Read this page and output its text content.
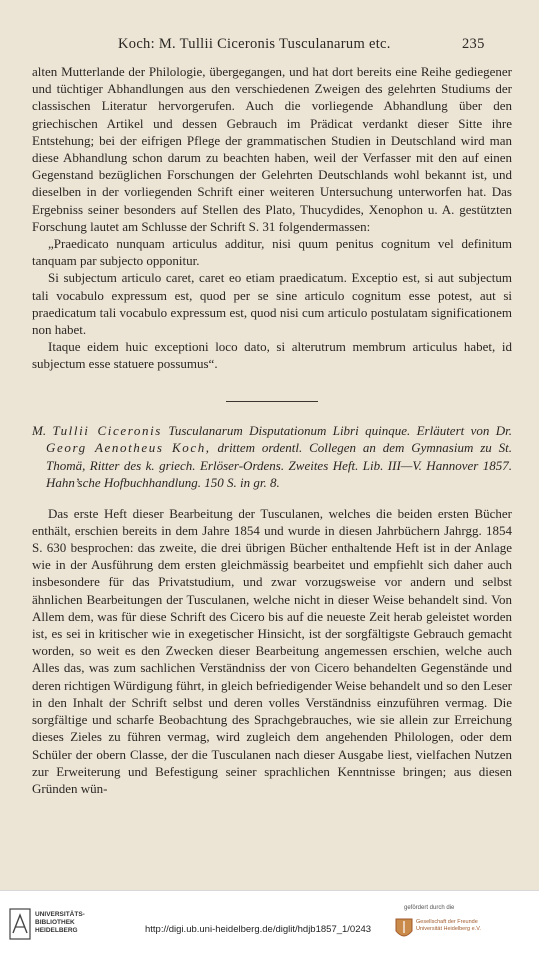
Koch: M. Tullii Ciceronis Tusculanarum etc.	235

alten Mutterlande der Philologie, übergegangen, und hat dort bereits eine Reihe gediegener und tüchtiger Abhandlungen aus den verschiedenen Zweigen des gelehrten Studiums der classischen Literatur hervorgerufen. Auch die vorliegende Abhandlung über den griechischen Artikel und dessen Gebrauch im Prädicat verdankt dieser Sitte ihre Entstehung; bei der eifrigen Pflege der grammatischen Studien in Deutschland wird man diese Abhandlung schon darum zu beachten haben, weil der Verfasser mit den auf einen Gegenstand bezüglichen Forschungen der Gelehrten Deutschlands wohl bekannt ist, und dieselben in der vorliegenden Schrift einer weiteren Untersuchung unterworfen hat. Das Ergebniss seiner besonders auf Stellen des Plato, Thucydides, Xenophon u. A. gestützten Forschung lautet am Schlusse der Schrift S. 31 folgendermassen:

„Praedicato nunquam articulus additur, nisi quum penitus cognitum vel definitum tanquam par subjecto opponitur.

Si subjectum articulo caret, caret eo etiam praedicatum. Exceptio est, si aut subjectum tali vocabulo expressum est, quod per se sine articulo cognitum esse potest, aut si praedicatum tali vocabulo expressum est, quod nisi cum articulo postulatam significationem non habet.

Itaque eidem huic exceptioni loco dato, si alterutrum membrum articulus habet, id subjectum esse statuere possumus“.

M. Tullii Ciceronis Tusculanarum Disputationum Libri quinque. Erläutert von Dr. Georg Aenotheus Koch, drittem ordentl. Collegen an dem Gymnasium zu St. Thomä, Ritter des k. griech. Erlöser-Ordens. Zweites Heft. Lib. III—V. Hannover 1857. Hahn’sche Hofbuchhandlung. 150 S. in gr. 8.

Das erste Heft dieser Bearbeitung der Tusculanen, welches die beiden ersten Bücher enthält, erschien bereits in dem Jahre 1854 und wurde in diesen Jahrbüchern Jahrgg. 1854 S. 630 besprochen: das zweite, die drei übrigen Bücher enthaltende Heft ist in der Anlage wie in der Ausführung dem ersten gleichmässig bearbeitet und empfiehlt sich daher auch insbesondere für das Privatstudium, und zwar vorzugsweise vor andern und selbst ähnlichen Bearbeitungen der Tusculanen, welche nicht in dieser Weise behandelt sind. Von Allem dem, was für diese Schrift des Cicero bis auf die neueste Zeit herab geleistet worden ist, es sei in kritischer wie in exegetischer Hinsicht, ist der sorgfältigste Gebrauch gemacht worden, so weit es den Zwecken dieser Bearbeitung angemessen erschien, welche auch Alles das, was zum sachlichen Verständniss der von Cicero behandelten Gegenstände und deren richtigen Würdigung führt, in gleich befriedigender Weise behandelt und so den Leser in den Inhalt der Schrift selbst und deren volles Verständniss einzuführen vermag. Die sorgfältige und scharfe Beobachtung des Sprachgebrauches, wie sie allein zur Erreichung dieses Zieles zu führen vermag, wird zugleich dem angehenden Philologen, oder dem Schüler der obern Classe, der die Tusculanen nach dieser Ausgabe liest, vielfachen Nutzen zur Erweiterung und Befestigung seiner sprachlichen Kenntnisse bringen; aus diesen Gründen wün-

UNIVERSITÄTS-
BIBLIOTHEK
HEIDELBERG	http://digi.ub.uni-heidelberg.de/diglit/hdjb1857_1/0243
gefördert durch die
Gesellschaft der Freunde
Universität Heidelberg e.V.
